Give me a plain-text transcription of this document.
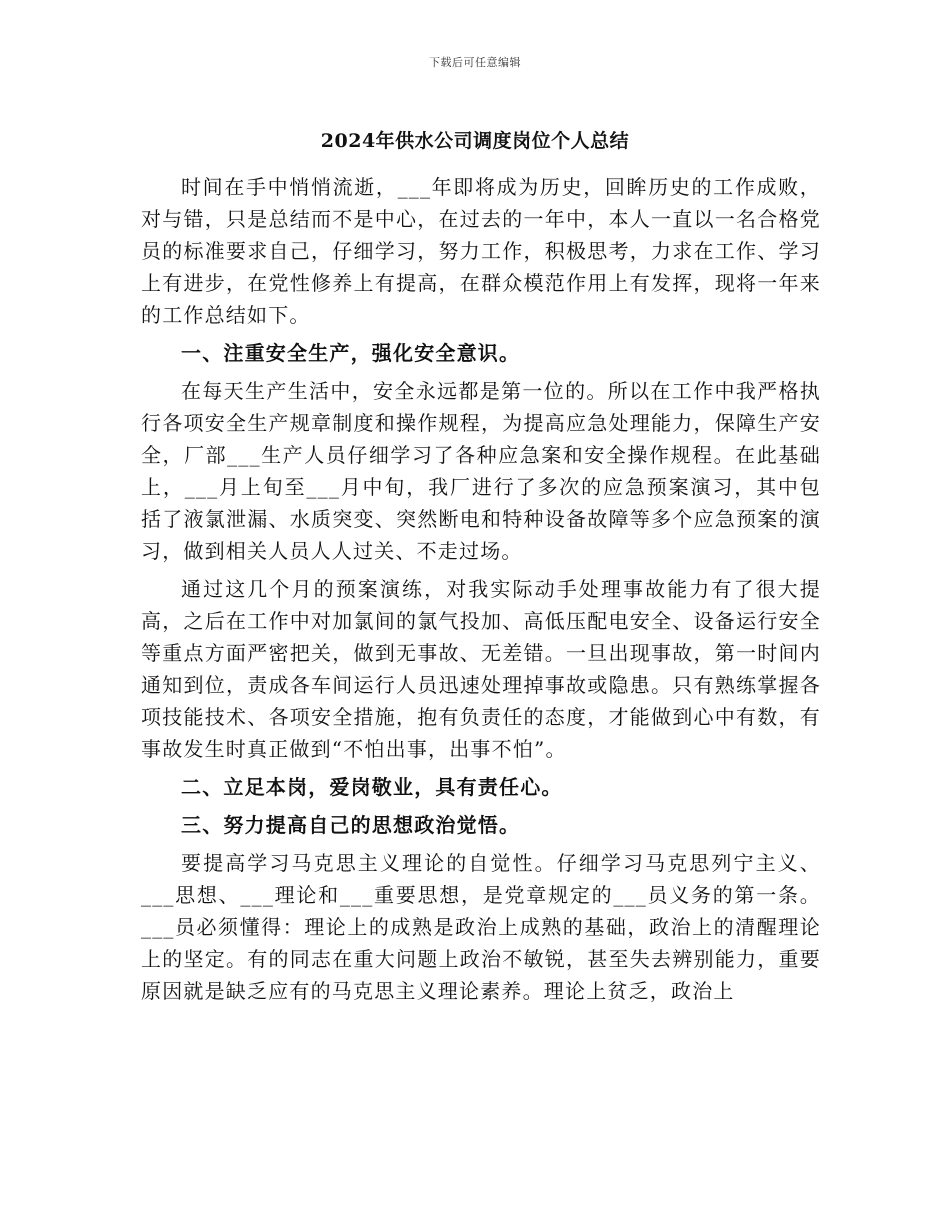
下载后可任意编辑
2024年供水公司调度岗位个人总结

时间在手中悄悄流逝，___年即将成为历史，回眸历史的工作成败，对与错，只是总结而不是中心，在过去的一年中，本人一直以一名合格党员的标准要求自己，仔细学习，努力工作，积极思考，力求在工作、学习上有进步，在党性修养上有提高，在群众模范作用上有发挥，现将一年来的工作总结如下。

一、注重安全生产，强化安全意识。

在每天生产生活中，安全永远都是第一位的。所以在工作中我严格执行各项安全生产规章制度和操作规程，为提高应急处理能力，保障生产安全，厂部___生产人员仔细学习了各种应急案和安全操作规程。在此基础上，___月上旬至___月中旬，我厂进行了多次的应急预案演习，其中包括了液氯泄漏、水质突变、突然断电和特种设备故障等多个应急预案的演习，做到相关人员人人过关、不走过场。

通过这几个月的预案演练，对我实际动手处理事故能力有了很大提高，之后在工作中对加氯间的氯气投加、高低压配电安全、设备运行安全等重点方面严密把关，做到无事故、无差错。一旦出现事故，第一时间内通知到位，责成各车间运行人员迅速处理掉事故或隐患。只有熟练掌握各项技能技术、各项安全措施，抱有负责任的态度，才能做到心中有数，有事故发生时真正做到“不怕出事，出事不怕”。

二、立足本岗，爱岗敬业，具有责任心。

三、努力提高自己的思想政治觉悟。

要提高学习马克思主义理论的自觉性。仔细学习马克思列宁主义、___思想、___理论和___重要思想，是党章规定的___员义务的第一条。___员必须懂得：理论上的成熟是政治上成熟的基础，政治上的清醒理论上的坚定。有的同志在重大问题上政治不敏锐，甚至失去辨别能力，重要原因就是缺乏应有的马克思主义理论素养。理论上贫乏，政治上
